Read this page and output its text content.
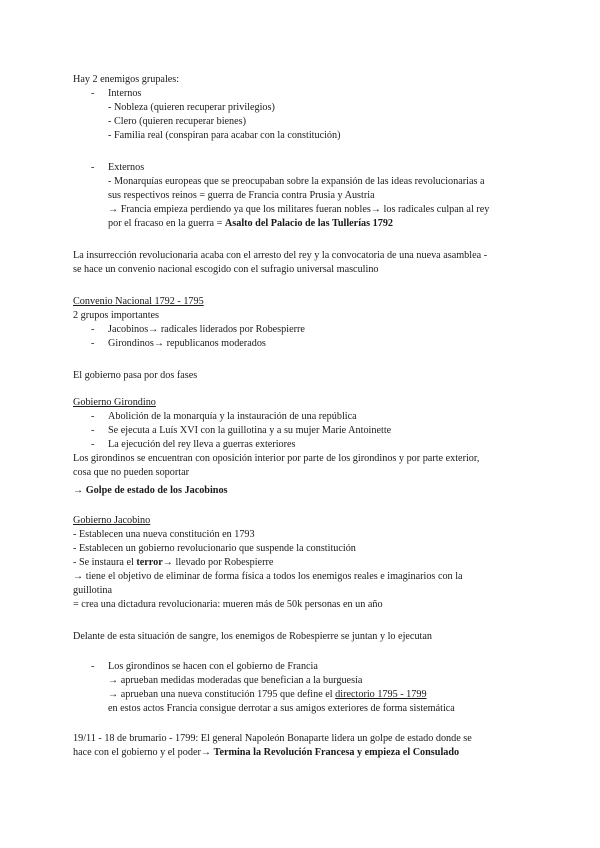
Hay 2 enemigos grupales:
- Internos
- Nobleza (quieren recuperar privilegios)
- Clero (quieren recuperar bienes)
- Familia real (conspiran para acabar con la constitución)
- Externos
- Monarquías europeas que se preocupaban sobre la expansión de las ideas revolucionarias a
sus respectivos reinos = guerra de Francia contra Prusia y Austria
→ Francia empieza perdiendo ya que los militares fueran nobles→ los radicales culpan al rey
por el fracaso en la guerra = Asalto del Palacio de las Tullerías 1792
La insurrección revolucionaria acaba con el arresto del rey y la convocatoria de una nueva asamblea -
se hace un convenio nacional escogido con el sufragio universal masculino
Convenio Nacional 1792 - 1795
2 grupos importantes
- Jacobinos→ radicales liderados por Robespierre
- Girondinos→ republicanos moderados
El gobierno pasa por dos fases
Gobierno Girondino
- Abolición de la monarquía y la instauración de una república
- Se ejecuta a Luís XVI con la guillotina y a su mujer Marie Antoinette
- La ejecución del rey lleva a guerras exteriores
Los girondinos se encuentran con oposición interior por parte de los girondinos y por parte exterior,
cosa que no pueden soportar
→ Golpe de estado de los Jacobinos
Gobierno Jacobino
- Establecen una nueva constitución en 1793
- Establecen un gobierno revolucionario que suspende la constitución
- Se instaura el terror→ llevado por Robespierre
→ tiene el objetivo de eliminar de forma física a todos los enemigos reales e imaginarios con la
guillotina
= crea una dictadura revolucionaria: mueren más de 50k personas en un año
Delante de esta situación de sangre, los enemigos de Robespierre se juntan y lo ejecutan
- Los girondinos se hacen con el gobierno de Francia
→ aprueban medidas moderadas que benefician a la burguesía
→ aprueban una nueva constitución 1795 que define el directorio 1795 - 1799
en estos actos Francia consigue derrotar a sus amigos exteriores de forma sistemática
19/11 - 18 de brumario - 1799: El general Napoleón Bonaparte lidera un golpe de estado donde se
hace con el gobierno y el poder→ Termina la Revolución Francesa y empieza el Consulado
